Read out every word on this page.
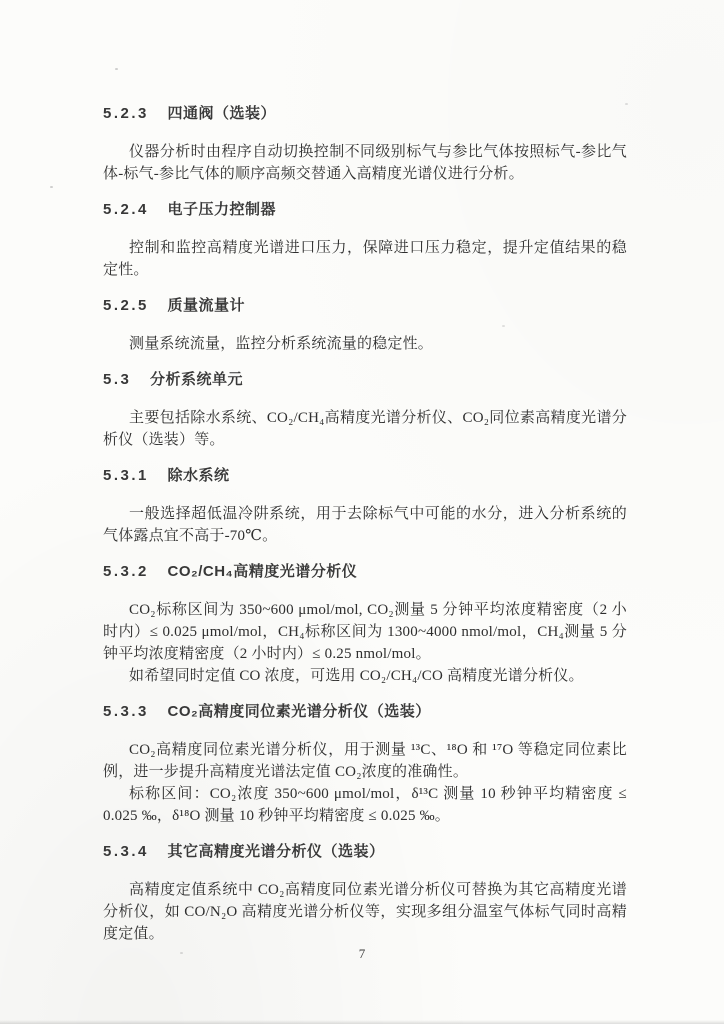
5.2.3 四通阀（选装）

仪器分析时由程序自动切换控制不同级别标气与参比气体按照标气-参比气体-标气-参比气体的顺序高频交替通入高精度光谱仪进行分析。

5.2.4 电子压力控制器

控制和监控高精度光谱进口压力，保障进口压力稳定，提升定值结果的稳定性。

5.2.5 质量流量计

测量系统流量，监控分析系统流量的稳定性。

5.3 分析系统单元

主要包括除水系统、CO₂/CH₄高精度光谱分析仪、CO₂同位素高精度光谱分析仪（选装）等。

5.3.1 除水系统

一般选择超低温冷阱系统，用于去除标气中可能的水分，进入分析系统的气体露点宜不高于-70℃。

5.3.2 CO₂/CH₄高精度光谱分析仪

CO₂标称区间为 350~600 μmol/mol, CO₂测量 5 分钟平均浓度精密度（2 小时内）≤ 0.025 μmol/mol，CH₄标称区间为 1300~4000 nmol/mol，CH₄测量 5 分钟平均浓度精密度（2 小时内）≤ 0.25 nmol/mol。

如希望同时定值 CO 浓度，可选用 CO₂/CH₄/CO 高精度光谱分析仪。

5.3.3 CO₂高精度同位素光谱分析仪（选装）

CO₂高精度同位素光谱分析仪，用于测量 ¹³C、¹⁸O 和 ¹⁷O 等稳定同位素比例，进一步提升高精度光谱法定值 CO₂浓度的准确性。

标称区间：CO₂浓度 350~600 μmol/mol，δ¹³C 测量 10 秒钟平均精密度 ≤ 0.025 ‰，δ¹⁸O 测量 10 秒钟平均精密度 ≤ 0.025 ‰。

5.3.4 其它高精度光谱分析仪（选装）

高精度定值系统中 CO₂高精度同位素光谱分析仪可替换为其它高精度光谱分析仪，如 CO/N₂O 高精度光谱分析仪等，实现多组分温室气体标气同时高精度定值。

7
